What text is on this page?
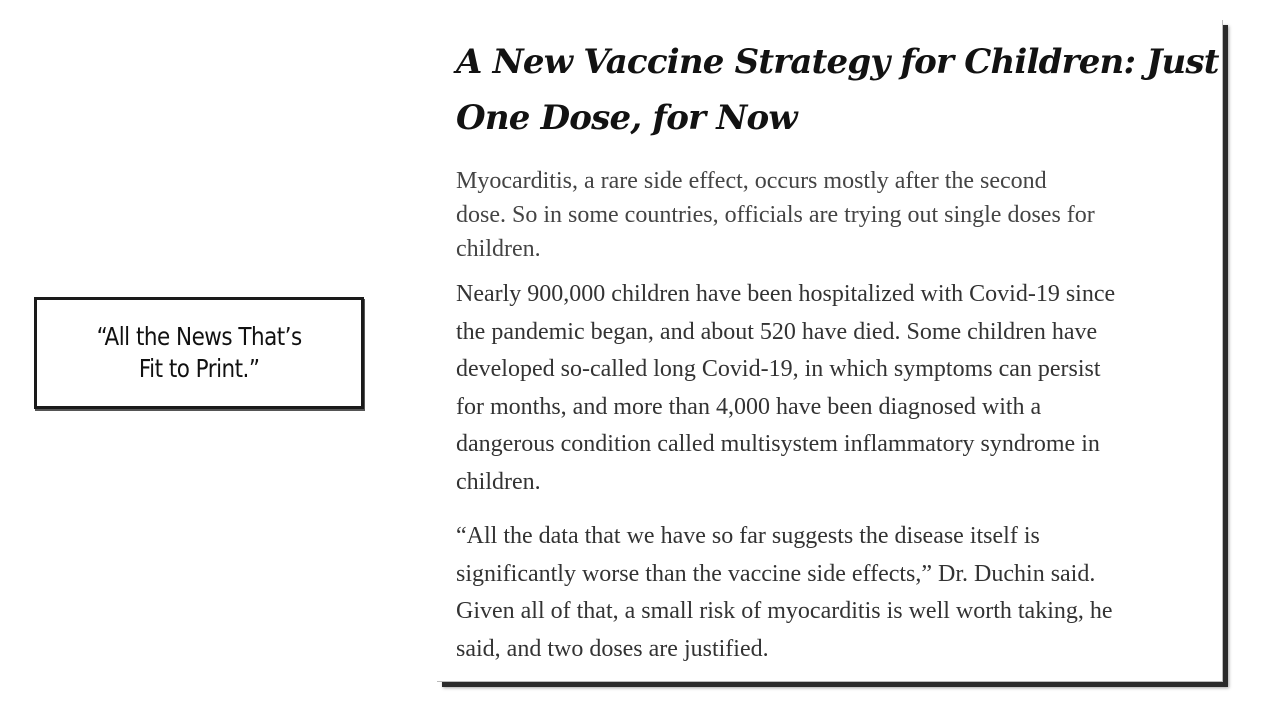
“All the News That’s
Fit to Print.”
A New Vaccine Strategy for Children: Just
One Dose, for Now

Myocarditis, a rare side effect, occurs mostly after the second
dose. So in some countries, officials are trying out single doses for
children.

Nearly 900,000 children have been hospitalized with Covid-19 since
the pandemic began, and about 520 have died. Some children have
developed so-called long Covid-19, in which symptoms can persist
for months, and more than 4,000 have been diagnosed with a
dangerous condition called multisystem inflammatory syndrome in
children.

“All the data that we have so far suggests the disease itself is
significantly worse than the vaccine side effects,” Dr. Duchin said.
Given all of that, a small risk of myocarditis is well worth taking, he
said, and two doses are justified.
